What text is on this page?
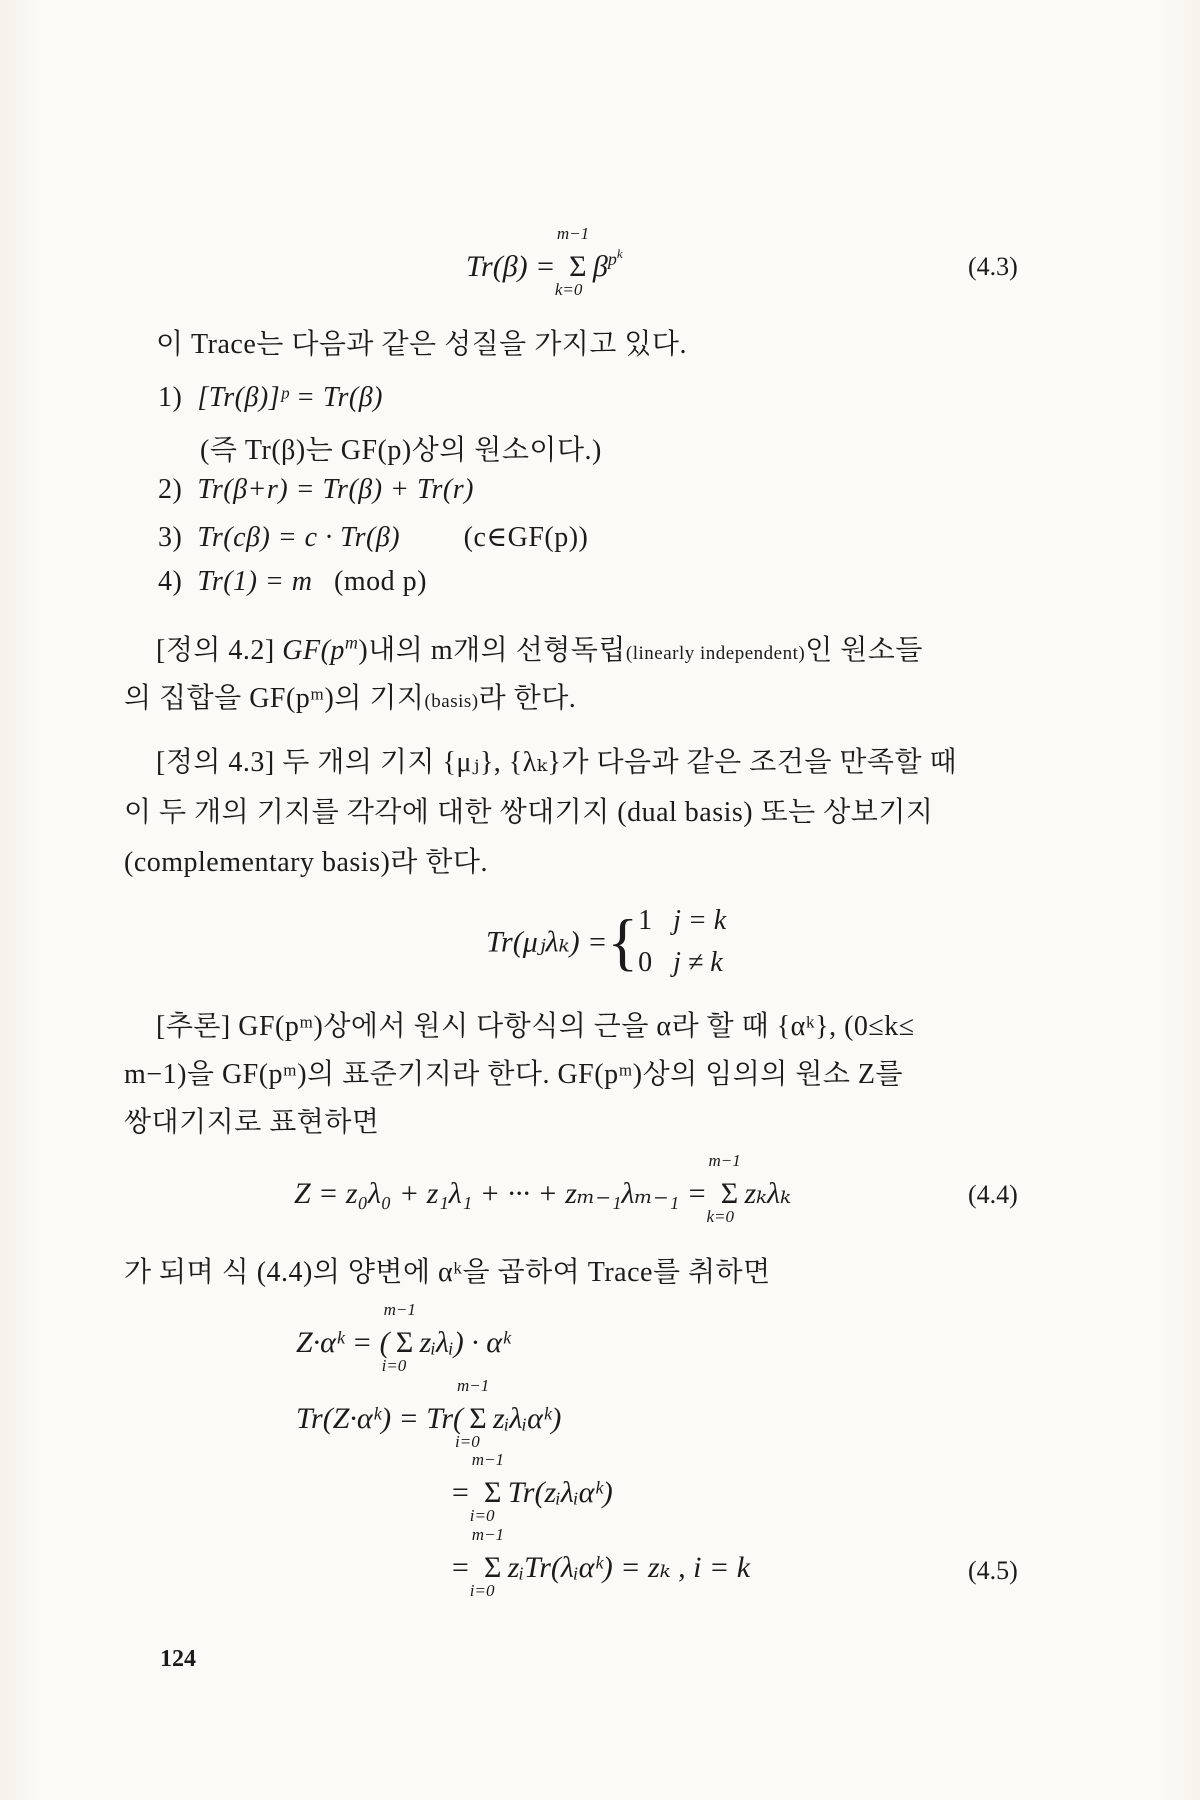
Tr(β) = Σ
m−1
k=0
$\beta^{p^k}$	(4.3)
이 Trace는 다음과 같은 성질을 가지고 있다.
1) [Tr(β)]ᵖ = Tr(β)
(즉 Tr(β)는 GF(p)상의 원소이다.)
2) Tr(β+r) = Tr(β) + Tr(r)
3) Tr(cβ) = c · Tr(β) (c∈GF(p))
4) Tr(1) = m (mod p)
[정의 4.2] $GF(p^m)$내의 m개의 선형독립(linearly independent)인 원소들
의 집합을 GF(pᵐ)의 기지(basis)라 한다.
[정의 4.3] 두 개의 기지 {μⱼ}, {λₖ}가 다음과 같은 조건을 만족할 때
이 두 개의 기지를 각각에 대한 쌍대기지 (dual basis) 또는 상보기지
(complementary basis)라 한다.
Tr(μⱼλₖ) ={1 j = k
0 j ≠ k
[추론] GF(pᵐ)상에서 원시 다항식의 근을 α라 할 때 {αᵏ}, (0≤k≤
m−1)을 GF(pᵐ)의 표준기지라 한다. GF(pᵐ)상의 임의의 원소 Z를
쌍대기지로 표현하면
Z = z₀λ₀ + z₁λ₁ + ··· + zₘ₋₁λₘ₋₁ = Σ
m−1
k=0
zₖλₖ	(4.4)
가 되며 식 (4.4)의 양변에 αᵏ을 곱하여 Trace를 취하면
Z·αᵏ = ( Σ
m−1
i=0
zᵢλᵢ) · αᵏ
Tr(Z·αᵏ) = Tr( Σ
m−1
i=0
zᵢλᵢαᵏ)
= Σ
m−1
i=0
Tr(zᵢλᵢαᵏ)
= Σ
m−1
i=0
zᵢTr(λᵢαᵏ) = zₖ , i = k	(4.5)
124
